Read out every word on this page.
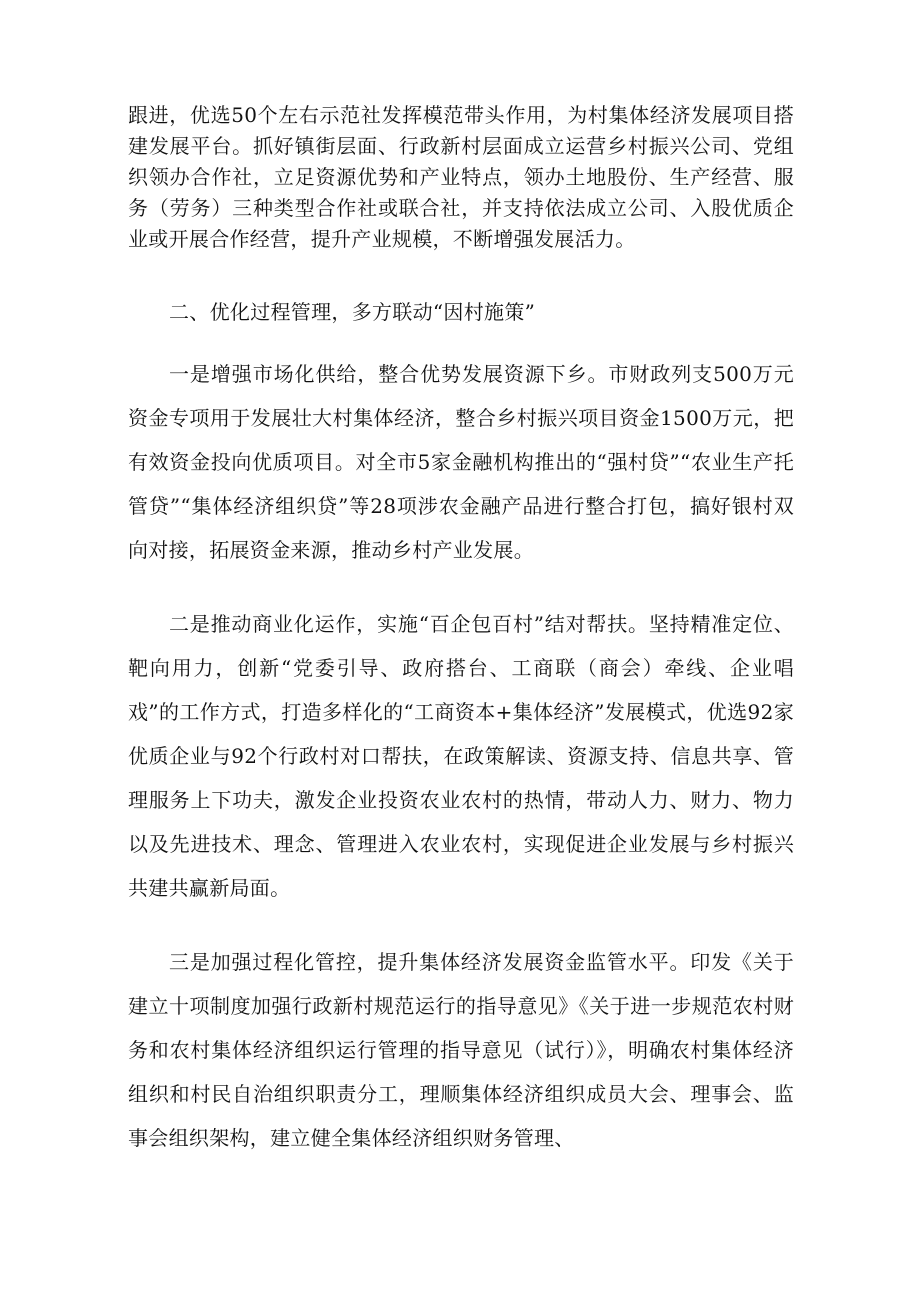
跟进，优选50个左右示范社发挥模范带头作用，为村集体经济发展项目搭建发展平台。抓好镇街层面、行政新村层面成立运营乡村振兴公司、党组织领办合作社，立足资源优势和产业特点，领办土地股份、生产经营、服务（劳务）三种类型合作社或联合社，并支持依法成立公司、入股优质企业或开展合作经营，提升产业规模，不断增强发展活力。

二、优化过程管理，多方联动“因村施策”

一是增强市场化供给，整合优势发展资源下乡。市财政列支500万元资金专项用于发展壮大村集体经济，整合乡村振兴项目资金1500万元，把有效资金投向优质项目。对全市5家金融机构推出的“强村贷”“农业生产托管贷”“集体经济组织贷”等28项涉农金融产品进行整合打包，搞好银村双向对接，拓展资金来源，推动乡村产业发展。

二是推动商业化运作，实施“百企包百村”结对帮扶。坚持精准定位、靶向用力，创新“党委引导、政府搭台、工商联（商会）牵线、企业唱戏”的工作方式，打造多样化的“工商资本+集体经济”发展模式，优选92家优质企业与92个行政村对口帮扶，在政策解读、资源支持、信息共享、管理服务上下功夫，激发企业投资农业农村的热情，带动人力、财力、物力以及先进技术、理念、管理进入农业农村，实现促进企业发展与乡村振兴共建共赢新局面。

三是加强过程化管控，提升集体经济发展资金监管水平。印发《关于建立十项制度加强行政新村规范运行的指导意见》《关于进一步规范农村财务和农村集体经济组织运行管理的指导意见（试行）》，明确农村集体经济组织和村民自治组织职责分工，理顺集体经济组织成员大会、理事会、监事会组织架构，建立健全集体经济组织财务管理、
